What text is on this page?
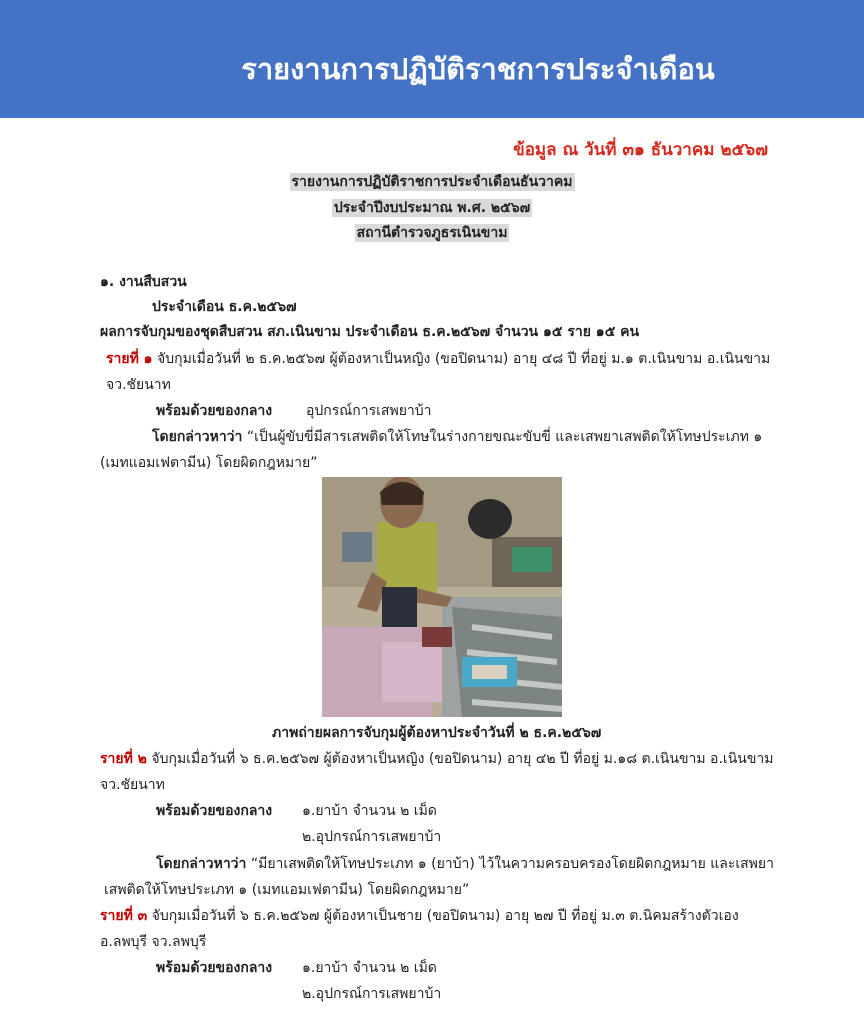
รายงานการปฏิบัติราชการประจำเดือน
ข้อมูล ณ วันที่ ๓๑ ธันวาคม ๒๕๖๗
รายงานการปฏิบัติราชการประจำเดือนธันวาคม
ประจำปีงบประมาณ พ.ศ. ๒๕๖๗
สถานีตำรวจภูธรเนินขาม
๑. งานสืบสวน
ประจำเดือน ธ.ค.๒๕๖๗
ผลการจับกุมของชุดสืบสวน สภ.เนินขาม ประจำเดือน ธ.ค.๒๕๖๗ จำนวน ๑๕ ราย ๑๕ คน
รายที่ ๑ จับกุมเมื่อวันที่ ๒ ธ.ค.๒๕๖๗ ผู้ต้องหาเป็นหญิง (ขอปิดนาม) อายุ ๔๘ ปี ที่อยู่ ม.๑ ต.เนินขาม อ.เนินขาม
จว.ชัยนาท
พร้อมด้วยของกลาง อุปกรณ์การเสพยาบ้า
โดยกล่าวหาว่า “เป็นผู้ขับขี่มีสารเสพติดให้โทษในร่างกายขณะขับขี่ และเสพยาเสพติดให้โทษประเภท ๑
(เมทแอมเฟตามีน) โดยผิดกฎหมาย”
ภาพถ่ายผลการจับกุมผู้ต้องหาประจำวันที่ ๒ ธ.ค.๒๕๖๗
รายที่ ๒ จับกุมเมื่อวันที่ ๖ ธ.ค.๒๕๖๗ ผู้ต้องหาเป็นหญิง (ขอปิดนาม) อายุ ๔๒ ปี ที่อยู่ ม.๑๘ ต.เนินขาม อ.เนินขาม
จว.ชัยนาท
พร้อมด้วยของกลาง ๑.ยาบ้า จำนวน ๒ เม็ด
๒.อุปกรณ์การเสพยาบ้า
โดยกล่าวหาว่า “มียาเสพติดให้โทษประเภท ๑ (ยาบ้า) ไว้ในความครอบครองโดยผิดกฎหมาย และเสพยา
เสพติดให้โทษประเภท ๑ (เมทแอมเฟตามีน) โดยผิดกฎหมาย”
รายที่ ๓ จับกุมเมื่อวันที่ ๖ ธ.ค.๒๕๖๗ ผู้ต้องหาเป็นชาย (ขอปิดนาม) อายุ ๒๗ ปี ที่อยู่ ม.๓ ต.นิคมสร้างตัวเอง
อ.ลพบุรี จว.ลพบุรี
พร้อมด้วยของกลาง ๑.ยาบ้า จำนวน ๒ เม็ด
๒.อุปกรณ์การเสพยาบ้า
